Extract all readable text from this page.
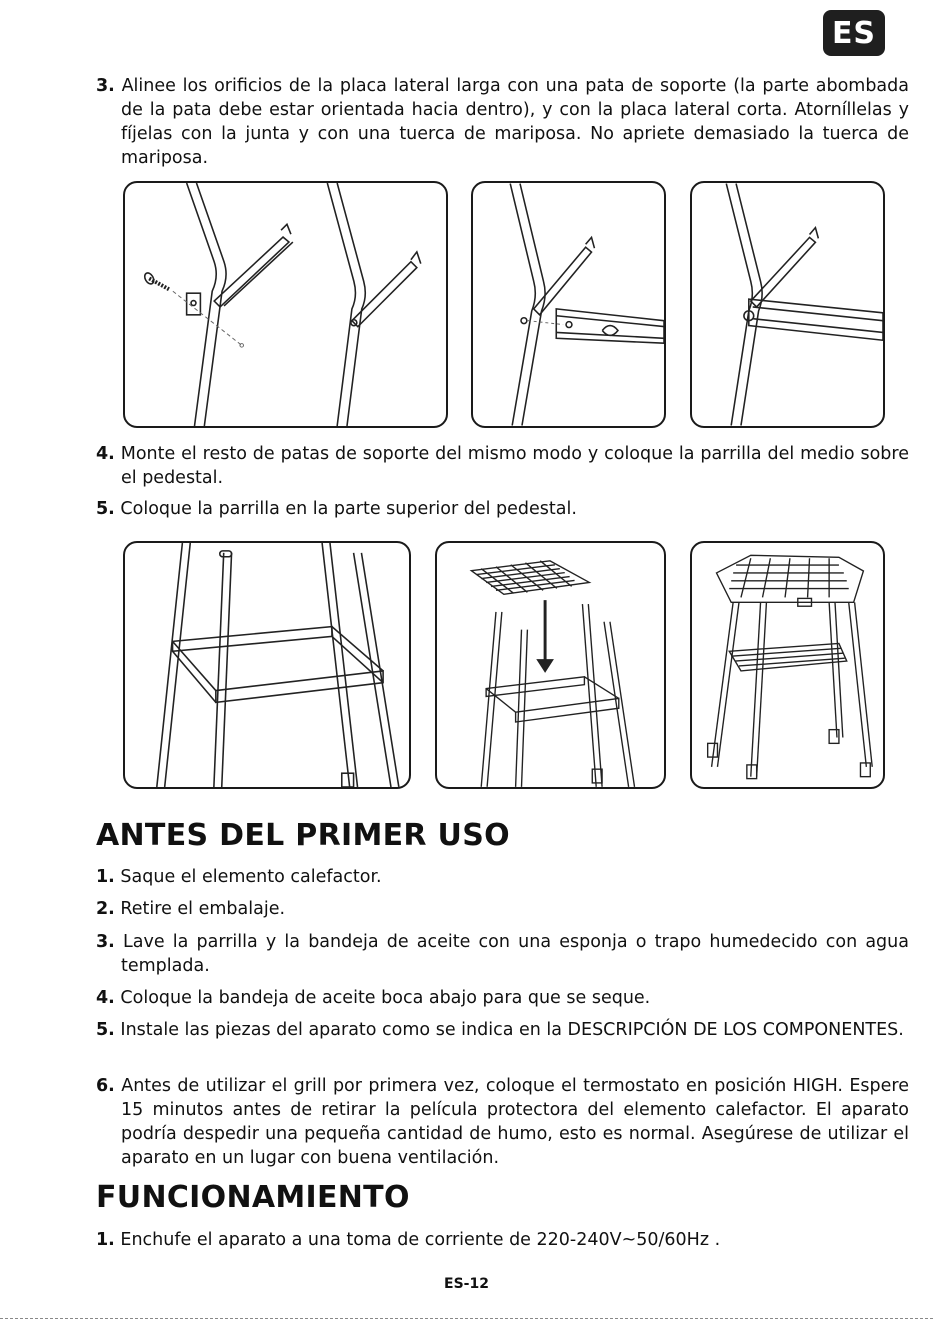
ES
3. Alinee los orificios de la placa lateral larga con una pata de soporte (la parte abombada de la pata debe estar orientada hacia dentro), y con la placa lateral corta. Atorníllelas y fíjelas con la junta y con una tuerca de mariposa. No apriete demasiado la tuerca de mariposa.
4. Monte el resto de patas de soporte del mismo modo y coloque la parrilla del medio sobre el pedestal.
5. Coloque la parrilla en la parte superior del pedestal.
ANTES DEL PRIMER USO
1. Saque el elemento calefactor.
2. Retire el embalaje.
3. Lave la parrilla y la bandeja de aceite con una esponja o trapo humedecido con agua templada.
4. Coloque la bandeja de aceite boca abajo para que se seque.
5. Instale las piezas del aparato como se indica en la DESCRIPCIÓN DE LOS COMPONENTES.
6. Antes de utilizar el grill por primera vez, coloque el termostato en posición HIGH. Espere 15 minutos antes de retirar la película protectora del elemento calefactor. El aparato podría despedir una pequeña cantidad de humo, esto es normal. Asegúrese de utilizar el aparato en un lugar con buena ventilación.
FUNCIONAMIENTO
1. Enchufe el aparato a una toma de corriente de 220-240V~50/60Hz .
ES-12
